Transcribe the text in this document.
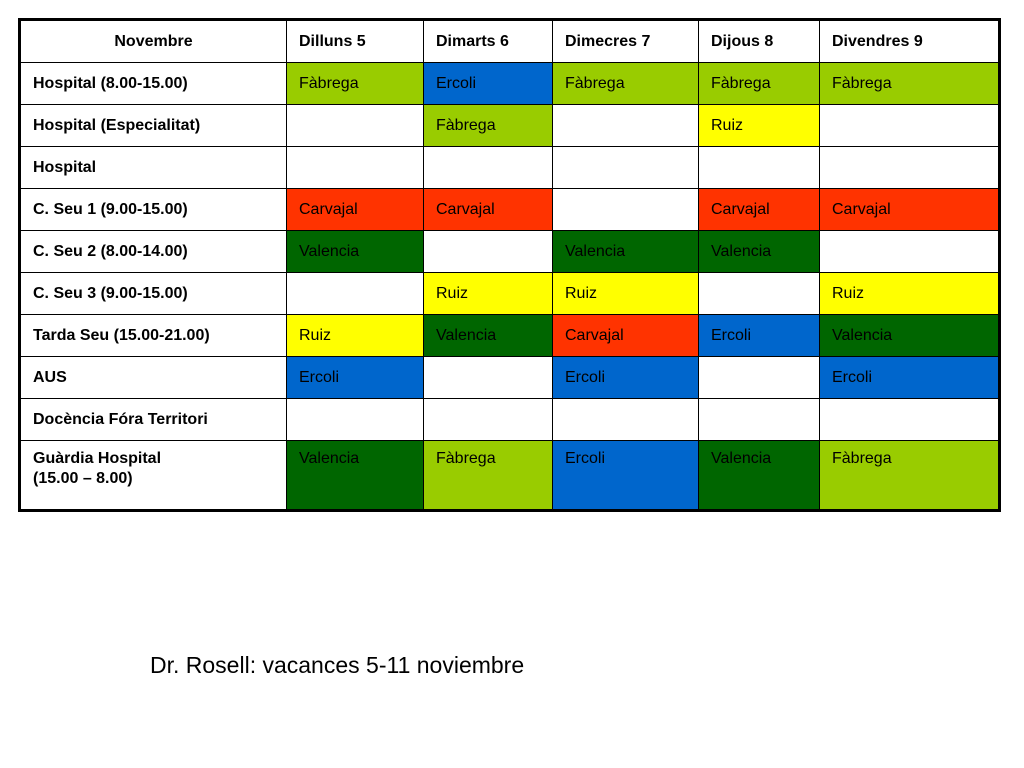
Novembre	Dilluns 5	Dimarts 6	Dimecres 7	Dijous 8	Divendres 9

Hospital (8.00-15.00)	Fàbrega	Ercoli	Fàbrega	Fàbrega	Fàbrega

Hospital (Especialitat)		Fàbrega		Ruiz	

Hospital					

C. Seu 1 (9.00-15.00)	Carvajal	Carvajal		Carvajal	Carvajal

C. Seu 2 (8.00-14.00)	Valencia		Valencia	Valencia	

C. Seu 3 (9.00-15.00)		Ruiz	Ruiz		Ruiz

Tarda Seu (15.00-21.00)	Ruiz	Valencia	Carvajal	Ercoli	Valencia

AUS	Ercoli		Ercoli		Ercoli

Docència Fóra Territori					

Guàrdia Hospital
(15.00 – 8.00)	Valencia	Fàbrega	Ercoli	Valencia	Fàbrega
Dr. Rosell: vacances 5-11 noviembre
